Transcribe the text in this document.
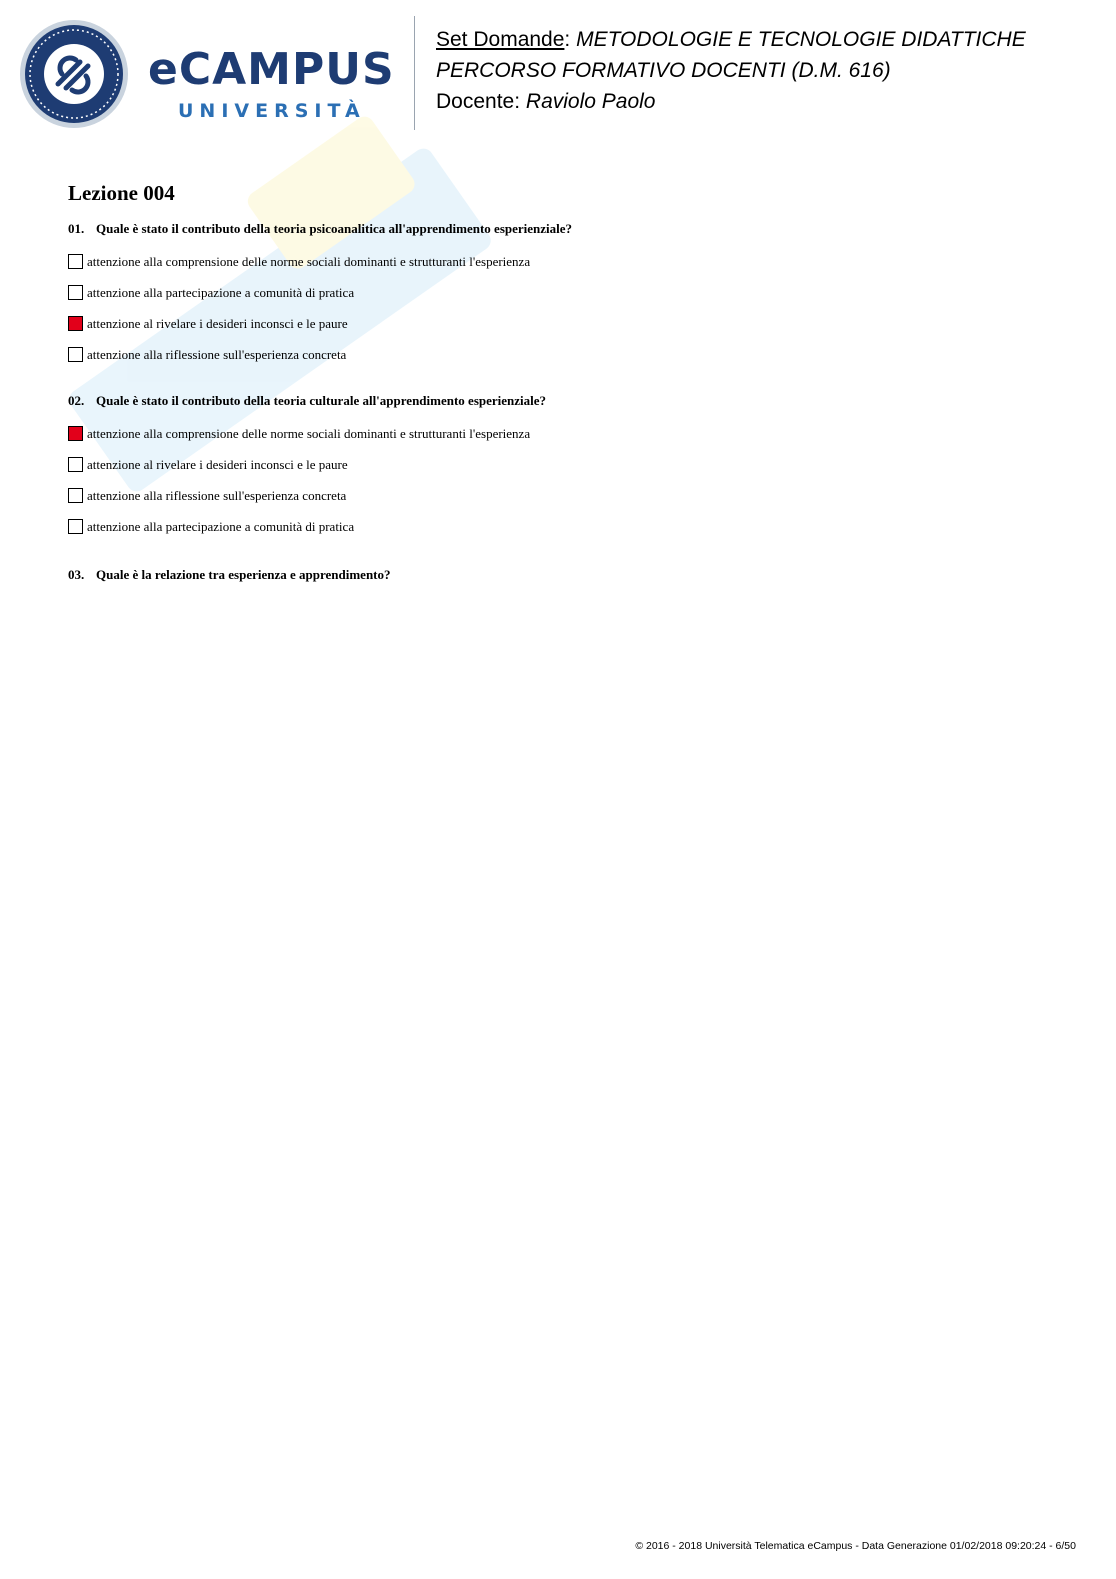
eCAMPUS
UNIVERSITÀ
Set Domande: METODOLOGIE E TECNOLOGIE DIDATTICHE
PERCORSO FORMATIVO DOCENTI (D.M. 616)
Docente: Raviolo Paolo
Lezione 004
01. Quale è stato il contributo della teoria psicoanalitica all'apprendimento esperienziale?
attenzione alla comprensione delle norme sociali dominanti e strutturanti l'esperienza
attenzione alla partecipazione a comunità di pratica
attenzione al rivelare i desideri inconsci e le paure
attenzione alla riflessione sull'esperienza concreta
02. Quale è stato il contributo della teoria culturale all'apprendimento esperienziale?
attenzione alla comprensione delle norme sociali dominanti e strutturanti l'esperienza
attenzione al rivelare i desideri inconsci e le paure
attenzione alla riflessione sull'esperienza concreta
attenzione alla partecipazione a comunità di pratica
03. Quale è la relazione tra esperienza e apprendimento?
© 2016 - 2018 Università Telematica eCampus - Data Generazione 01/02/2018 09:20:24 - 6/50
